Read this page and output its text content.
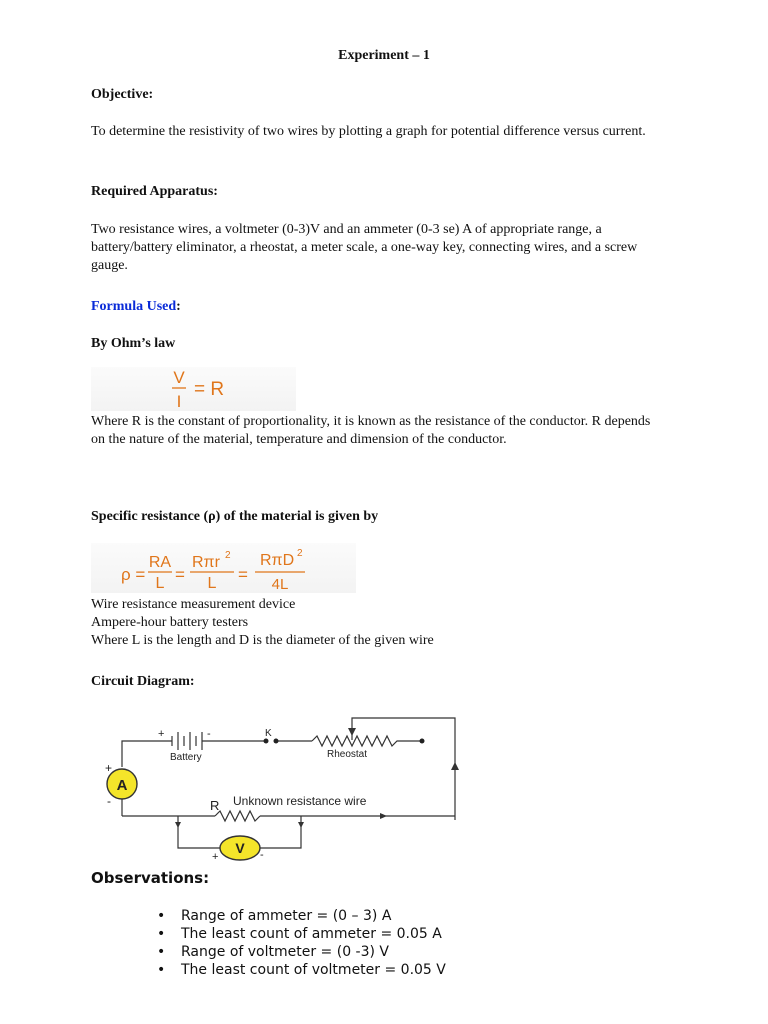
Experiment – 1
Objective:
To determine the resistivity of two wires by plotting a graph for potential difference versus current.
Required Apparatus:
Two resistance wires, a voltmeter (0-3)V and an ammeter (0-3 se) A of appropriate range, a battery/battery eliminator, a rheostat, a meter scale, a one-way key, connecting wires, and a screw gauge.
Formula Used:
By Ohm’s law
V
I
= R
Where R is the constant of proportionality, it is known as the resistance of the conductor. R depends on the nature of the material, temperature and dimension of the conductor.
Specific resistance (ρ) of the material is given by
ρ =
RA
L =
Rπr 2
L =
RπD 2
4L
Wire resistance measurement device
Ampere-hour battery testers
Where L is the length and D is the diameter of the given wire
Circuit Diagram:
A
V
+	-
Battery
K
Rheostat
+
-	R Unknown resistance wire
+	-
Observations:
• Range of ammeter = (0 – 3) A
• The least count of ammeter = 0.05 A
• Range of voltmeter = (0 -3) V
• The least count of voltmeter = 0.05 V
